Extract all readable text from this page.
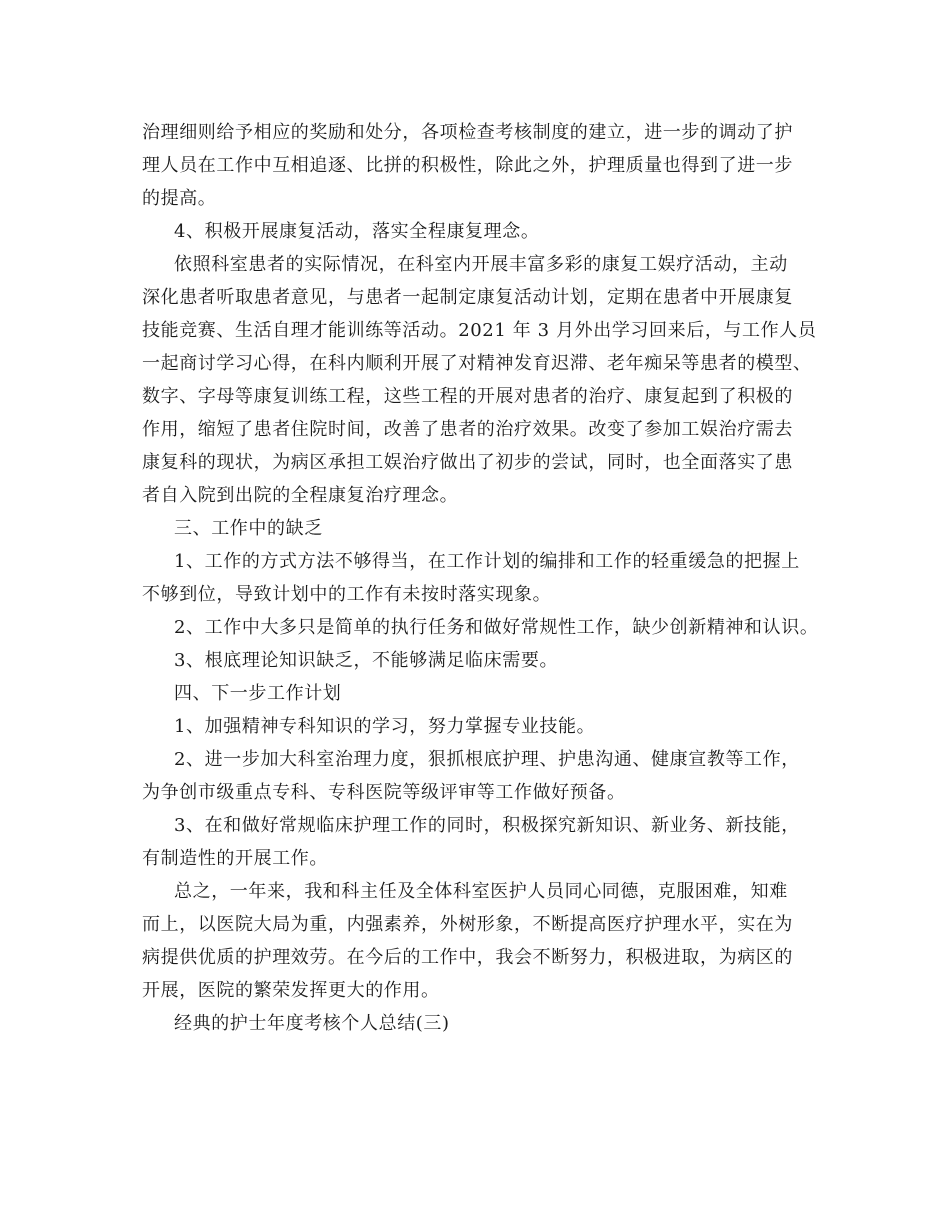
治理细则给予相应的奖励和处分，各项检查考核制度的建立，进一步的调动了护

理人员在工作中互相追逐、比拼的积极性，除此之外，护理质量也得到了进一步

的提高。

4、积极开展康复活动，落实全程康复理念。

依照科室患者的实际情况，在科室内开展丰富多彩的康复工娱疗活动，主动

深化患者听取患者意见，与患者一起制定康复活动计划，定期在患者中开展康复

技能竞赛、生活自理才能训练等活动。2021 年 3 月外出学习回来后，与工作人员

一起商讨学习心得，在科内顺利开展了对精神发育迟滞、老年痴呆等患者的模型、

数字、字母等康复训练工程，这些工程的开展对患者的治疗、康复起到了积极的

作用，缩短了患者住院时间，改善了患者的治疗效果。改变了参加工娱治疗需去

康复科的现状，为病区承担工娱治疗做出了初步的尝试，同时，也全面落实了患

者自入院到出院的全程康复治疗理念。

三、工作中的缺乏

1、工作的方式方法不够得当，在工作计划的编排和工作的轻重缓急的把握上

不够到位，导致计划中的工作有未按时落实现象。

2、工作中大多只是简单的执行任务和做好常规性工作，缺少创新精神和认识。

3、根底理论知识缺乏，不能够满足临床需要。

四、下一步工作计划

1、加强精神专科知识的学习，努力掌握专业技能。

2、进一步加大科室治理力度，狠抓根底护理、护患沟通、健康宣教等工作，

为争创市级重点专科、专科医院等级评审等工作做好预备。

3、在和做好常规临床护理工作的同时，积极探究新知识、新业务、新技能，

有制造性的开展工作。

总之，一年来，我和科主任及全体科室医护人员同心同德，克服困难，知难

而上，以医院大局为重，内强素养，外树形象，不断提高医疗护理水平，实在为

病提供优质的护理效劳。在今后的工作中，我会不断努力，积极进取，为病区的

开展，医院的繁荣发挥更大的作用。

经典的护士年度考核个人总结(三)
